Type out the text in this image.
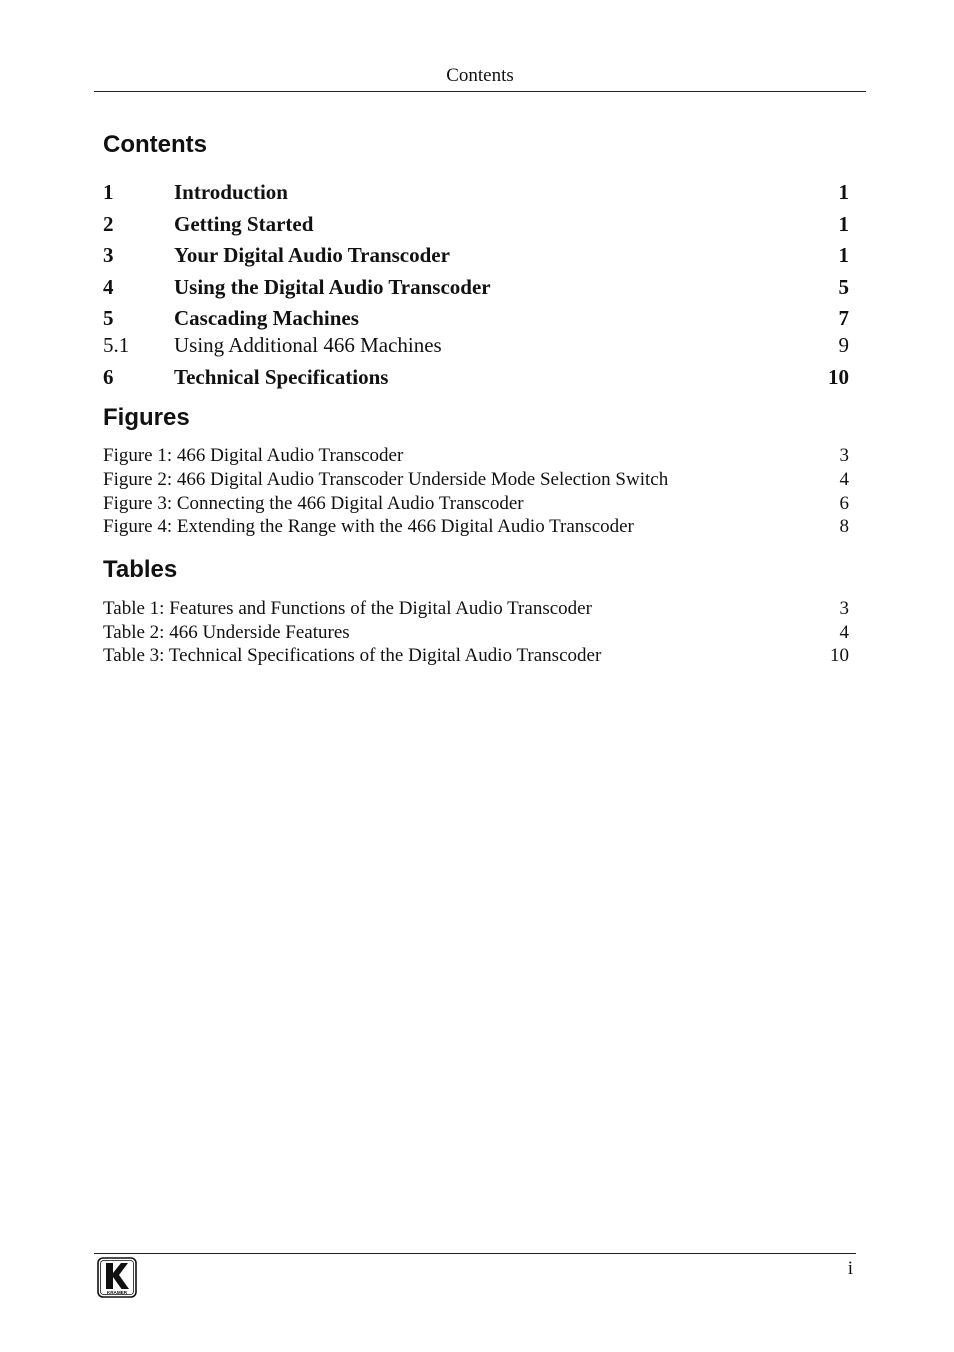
Contents
Contents
1	Introduction	1
2	Getting Started	1
3	Your Digital Audio Transcoder	1
4	Using the Digital Audio Transcoder	5
5	Cascading Machines	7
5.1 Using Additional 466 Machines	9
6	Technical Specifications	10
Figures
Figure 1: 466 Digital Audio Transcoder	3
Figure 2: 466 Digital Audio Transcoder Underside Mode Selection Switch	4
Figure 3: Connecting the 466 Digital Audio Transcoder	6
Figure 4: Extending the Range with the 466 Digital Audio Transcoder	8
Tables
Table 1: Features and Functions of the Digital Audio Transcoder	3
Table 2: 466 Underside Features	4
Table 3: Technical Specifications of the Digital Audio Transcoder	10
KRAMER
i
